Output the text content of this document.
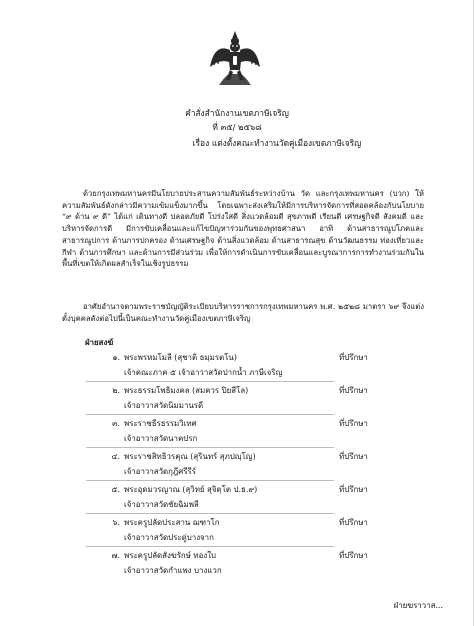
คำสั่งสำนักงานเขตภาษีเจริญ
ที่ ๓๕/ ๒๕๖๘
เรื่อง แต่งตั้งคณะทำงานวัดคู่เมืองเขตภาษีเจริญ

ด้วยกรุงเทพมหานครมีนโยบายประสานความสัมพันธ์ระหว่างบ้าน วัด และกรุงเทพมหานคร (บวก) ให้ความสัมพันธ์ดังกล่าวมีความเข้มแข็งมากขึ้น โดยเฉพาะส่งเสริมให้มีการบริหารจัดการที่สอดคล้องกับนโยบาย “๙ ด้าน ๙ ดี” ได้แก่ เดินทางดี ปลอดภัยดี โปร่งใสดี สิ่งแวดล้อมดี สุขภาพดี เรียนดี เศรษฐกิจดี สังคมดี และบริหารจัดการดี มีการขับเคลื่อนและแก้ไขปัญหาร่วมกันของพุทธศาสนา อาทิ ด้านสาธารณูปโภคและสาธารณูปการ ด้านการปกครอง ด้านเศรษฐกิจ ด้านสิ่งแวดล้อม ด้านสาธารณสุข ด้านวัฒนธรรม ท่องเที่ยวและกีฬา ด้านการศึกษา และด้านการมีส่วนร่วม เพื่อให้การดำเนินการขับเคลื่อนและบูรณาการการทำงานร่วมกันในพื้นที่เขตให้เกิดผลสำเร็จในเชิงรูปธรรม

อาศัยอำนาจตามพระราชบัญญัติระเบียบบริหารราชการกรุงเทพมหานคร พ.ศ. ๒๕๒๘ มาตรา ๖๙ จึงแต่งตั้งบุคคลดังต่อไปนี้เป็นคณะทำงานวัดคู่เมืองเขตภาษีเจริญ

ฝ่ายสงฆ์
๑. พระพรหมโมลี (สุชาติ ธมฺมรตโน)	ที่ปรึกษา
เจ้าคณะภาค ๕ เจ้าอาวาสวัดปากน้ำ ภาษีเจริญ
๒. พระธรรมโพธิมงคล (สมควร ปิยสีโล)	ที่ปรึกษา
เจ้าอาวาสวัดนิมมานรดี
๓. พระราชธีรธรรมวิเทศ	ที่ปรึกษา
เจ้าอาวาสวัดนาคปรก
๔. พระราชสิทธิวรคุณ (สุรินทร์ สุภปญฺโญ)	ที่ปรึกษา
เจ้าอาวาสวัดกุฎีศรีรีร์
๕. พระอุดมวรญาณ (สุวิทย์ สุจิตฺโต ป.ธ.๙)	ที่ปรึกษา
เจ้าอาวาสวัดชัยฉิมพลี
๖. พระครูปลัดประสาน ฌฑาโก	ที่ปรึกษา
เจ้าอาวาสวัดประดู่บางจาก
๗. พระครูปลัดสังฆรักษ์ ทองใบ	ที่ปรึกษา
เจ้าอาวาสวัดกำแพง บางแวก
ฝ่ายฆราวาส...
